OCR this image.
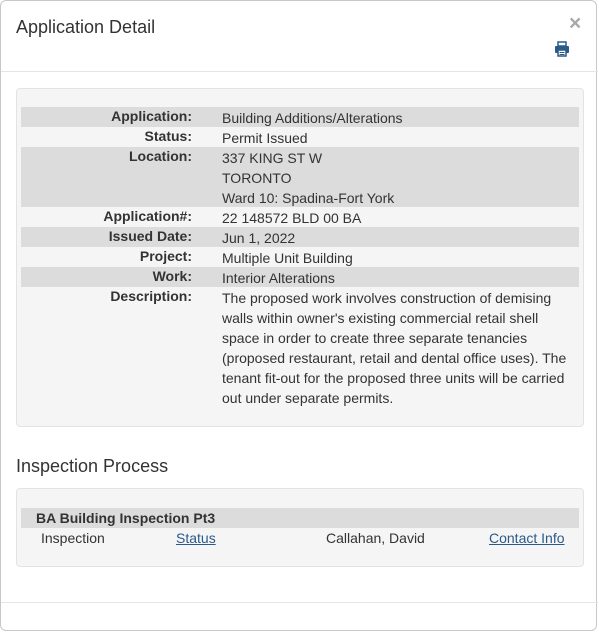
Application Detail	×
Application: Building Additions/Alterations
Status: Permit Issued
Location: 337 KING ST W
TORONTO
Ward 10: Spadina-Fort York
Application#: 22 148572 BLD 00 BA
Issued Date: Jun 1, 2022
Project: Multiple Unit Building
Work: Interior Alterations
Description: The proposed work involves construction of demising walls within owner's existing commercial retail shell space in order to create three separate tenancies (proposed restaurant, retail and dental office uses). The tenant fit-out for the proposed three units will be carried out under separate permits.
Inspection Process
BA Building Inspection Pt3
Inspection	Status	Callahan, David	Contact Info
